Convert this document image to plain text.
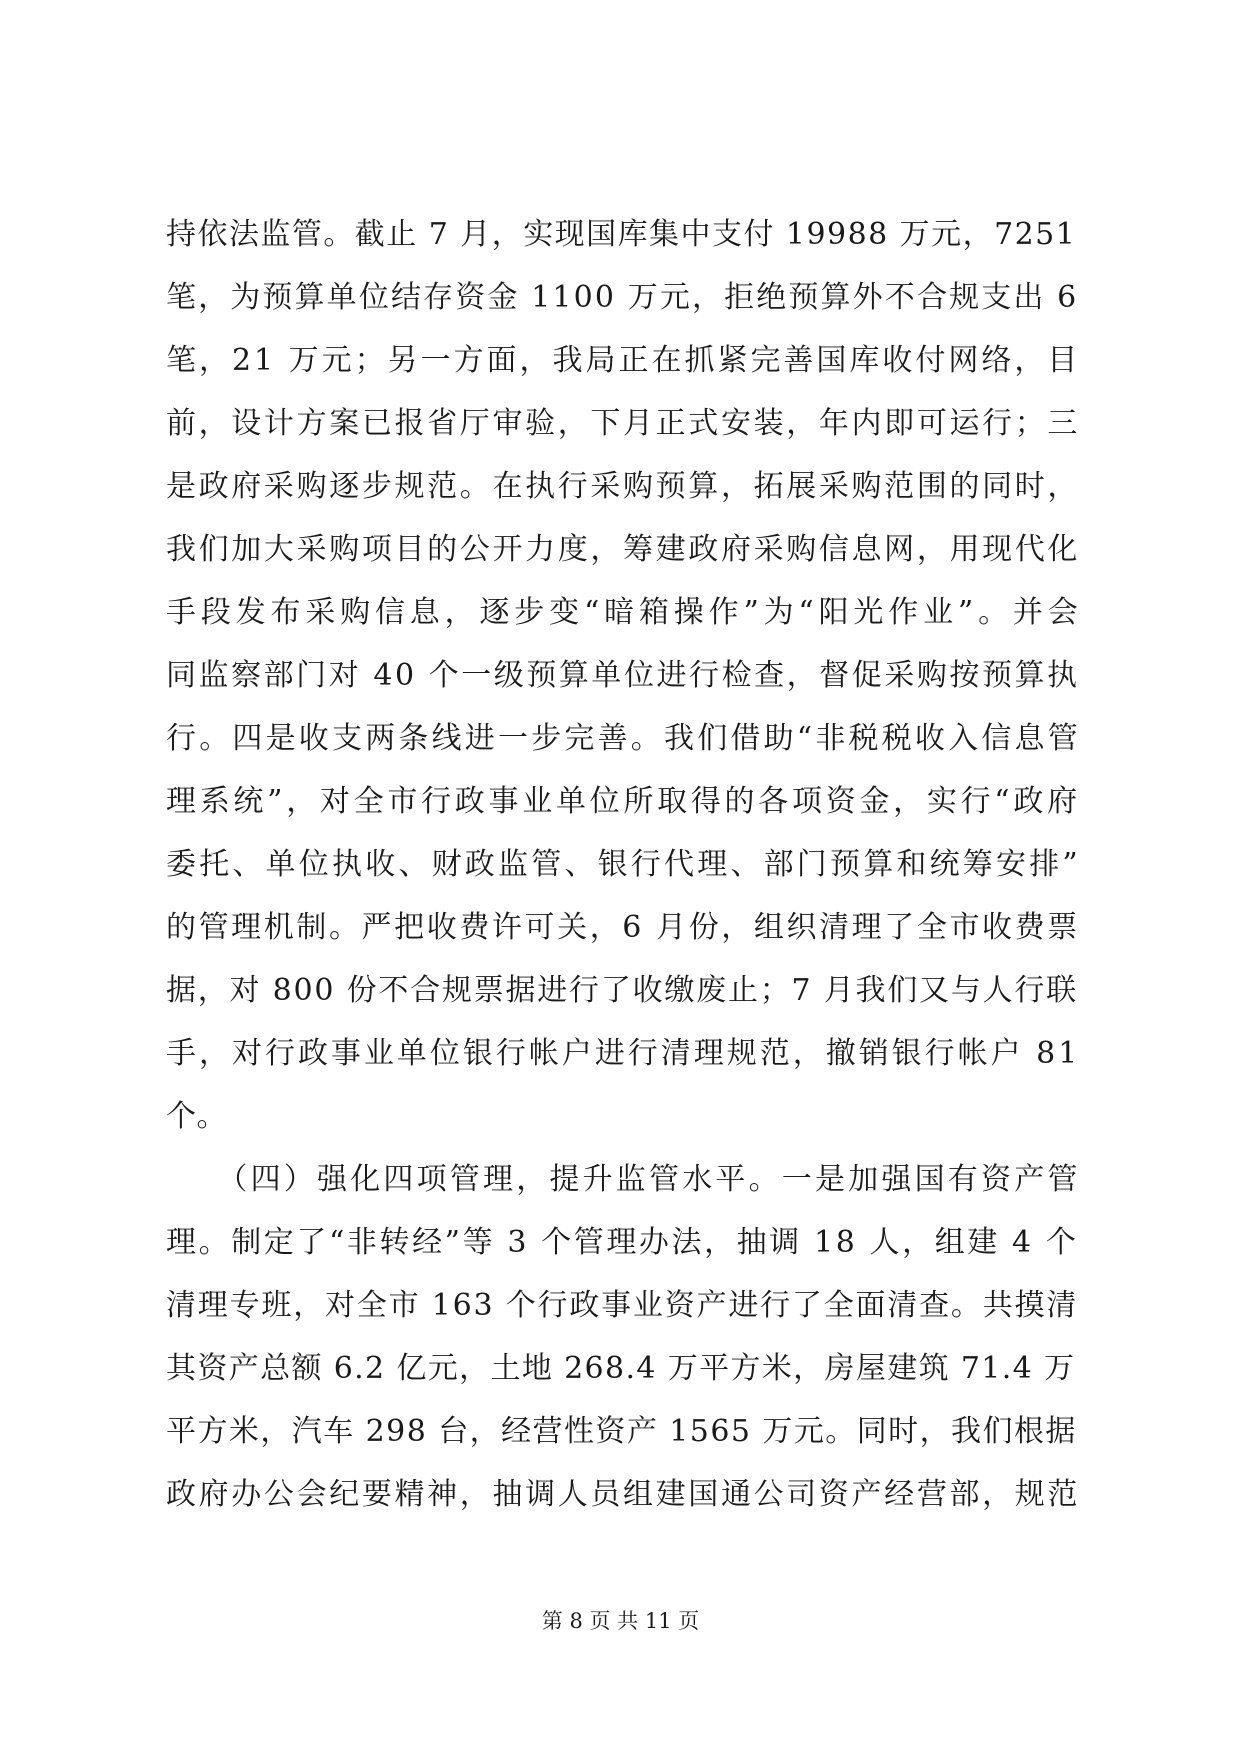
持依法监管。截止 7 月，实现国库集中支付 19988 万元，7251
笔，为预算单位结存资金 1100 万元，拒绝预算外不合规支出 6
笔，21 万元；另一方面，我局正在抓紧完善国库收付网络，目
前，设计方案已报省厅审验，下月正式安装，年内即可运行；三
是政府采购逐步规范。在执行采购预算，拓展采购范围的同时，
我们加大采购项目的公开力度，筹建政府采购信息网，用现代化
手段发布采购信息，逐步变“暗箱操作”为“阳光作业”。并会
同监察部门对 40 个一级预算单位进行检查，督促采购按预算执
行。四是收支两条线进一步完善。我们借助“非税税收入信息管
理系统”，对全市行政事业单位所取得的各项资金，实行“政府
委托、单位执收、财政监管、银行代理、部门预算和统筹安排”
的管理机制。严把收费许可关，6 月份，组织清理了全市收费票
据，对 800 份不合规票据进行了收缴废止；7 月我们又与人行联
手，对行政事业单位银行帐户进行清理规范，撤销银行帐户 81
个。
　　（四）强化四项管理，提升监管水平。一是加强国有资产管
理。制定了“非转经”等 3 个管理办法，抽调 18 人，组建 4 个
清理专班，对全市 163 个行政事业资产进行了全面清查。共摸清
其资产总额 6.2 亿元，土地 268.4 万平方米，房屋建筑 71.4 万
平方米，汽车 298 台，经营性资产 1565 万元。同时，我们根据
政府办公会纪要精神，抽调人员组建国通公司资产经营部，规范
第 8 页 共 11 页
